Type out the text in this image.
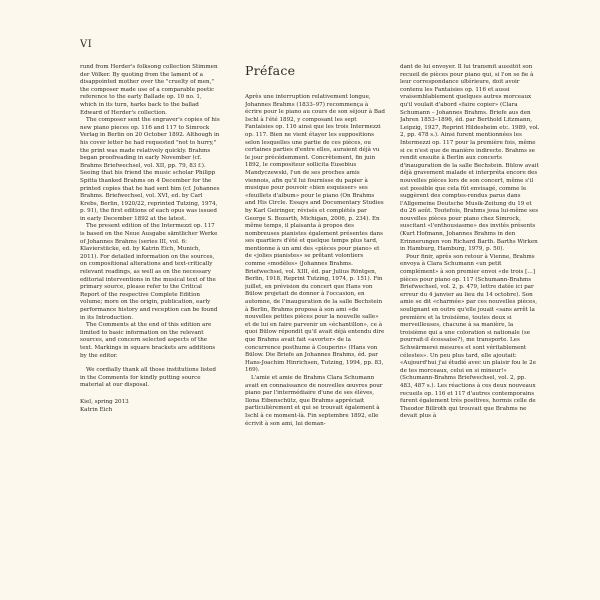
VI

rund from Herder's folksong collection Stimmen der Völker. By quoting from the lament of a disappointed mother over the "cruelty of men," the composer made use of a comparable poetic reference to the early Ballade op. 10 no. 1, which in its turn, harks back to the ballad Edward of Herder's collection.

The composer sent the engraver's copies of his new piano pieces op. 116 and 117 to Simrock Verlag in Berlin on 20 October 1892. Although in his cover letter he had requested "not to hurry," the print was made relatively quickly. Brahms began proofreading in early November (cf. Brahms Briefwechsel, vol. XII, pp. 79, 83 f.). Seeing that his friend the music scholar Philipp Spitta thanked Brahms on 4 December for the printed copies that he had sent him (cf. Johannes Brahms. Briefwechsel, vol. XVI, ed. by Carl Krebs, Berlin, 1920/22, reprinted Tutzing, 1974, p. 91), the first editions of each opus was issued in early December 1892 at the latest.

The present edition of the Intermezzi op. 117 is based on the Neue Ausgabe sämtlicher Werke of Johannes Brahms (series III, vol. 6: Klavierstücke, ed. by Katrin Eich, Munich, 2011). For detailed information on the sources, on compositional alterations and text-critically relevant readings, as well as on the necessary editorial interventions in the musical text of the primary source, please refer to the Critical Report of the respective Complete Edition volume; more on the origin, publication, early performance history and reception can be found in its Introduction.

The Comments at the end of this edition are limited to basic information on the relevant sources, and concern selected aspects of the text. Markings in square brackets are additions by the editor.

We cordially thank all those institutions listed in the Comments for kindly putting source material at our disposal.

Kiel, spring 2013
Katrin Eich
Préface

Après une interruption relativement longue, Johannes Brahms (1833–97) recommença à écrire pour le piano au cours de son séjour à Bad Ischl à l'été 1892, y composant les sept Fantaisies op. 116 ainsi que les trois Intermezzi op. 117. Bien ne vient étayer les suppositions selon lesquelles une partie de ces pièces, ou certaines parties d'entre elles, auraient déjà vu le jour précédemment. Concrètement, fin juin 1892, le compositeur sollicita Eusebius Mandyczewski, l'un de ses proches amis viennois, afin qu'il lui fournisse du papier à musique pour pouvoir «bien esquisser» ses «feuillets d'album» pour le piano (On Brahms and His Circle. Essays and Documentary Studies by Karl Geiringer, révisés et complétés par George S. Bozarth, Michigan, 2006, p. 234). En même temps, il plaisanta à propos des nombreuses pianistes également présentes dans ses quartiers d'été et quelque temps plus tard, mentionne à un ami des «pièces pour piano» et de «jolies pianistes» se prêtant volontiers comme «modèles» (Johannes Brahms. Briefwechsel, vol. XIII, éd. par Julius Röntgen, Berlin, 1918, Reprint Tutzing, 1974, p. 151). Fin juillet, en prévision du concert que Hans von Bülow projetait de donner à l'occasion, en automne, de l'inauguration de la salle Bechstein à Berlin, Brahms proposa à son ami «de nouvelles petites pièces pour la nouvelle salle» et de lui en faire parvenir un «échantillon», ce à quoi Bülow répondit qu'il avait déjà entendu dire que Brahms avait fait «avorter» de la concurrence posthume à Couperin» (Hans von Bülow. Die Briefe an Johannes Brahms, éd. par Hans-Joachim Hinrichsen, Tutzing, 1994, pp. 83, 169).

L'amie et amie de Brahms Clara Schumann avait en connaissance de nouvelles œuvres pour piano par l'intermédiaire d'une de ses élèves, Ilona Eibenschütz, que Brahms appréciait particulièrement et qui se trouvait également à Ischl à ce moment-là. Fin septembre 1892, elle écrivit à son ami, lui deman-

dant de lui envoyer. Il lui transmit aussitôt son recueil de pièces pour piano qui, si l'on se fie à leur correspondance ultérieure, doit avoir contenu les Fantaisies op. 116 et aussi vraisemblablement quelques autres morceaux qu'il voulait d'abord «faire copier» (Clara Schumann – Johannes Brahms. Briefe aus den Jahren 1853–1896, éd. par Berthold Litzmann, Leipzig, 1927, Reprint Hildesheim etc. 1989, vol. 2, pp. 478 s.). Ainsi furent mentionnées les Intermezzi op. 117 pour la première fois, même si ce n'est que de manière indirecte. Brahms se rendit ensuite à Berlin aux concerts d'inauguration de la salle Bechstein. Bülow avait déjà gravement malade et interpréta encore des nouvelles pièces lors de son concert, même s'il est possible que cela fût envisagé, comme le suggèrent des comptes-rendus parus dans l'Allgemeine Deutsche Musik-Zeitung du 19 et du 26 août. Toutefois, Brahms joua lui-même ses nouvelles pièces pour piano chez Simrock, suscitant «l'enthousiasme» des invités présents (Kurt Hofmann, Johannes Brahms in den Erinnerungen von Richard Barth. Barths Wirken in Hamburg, Hamburg, 1979, p. 50).

Pour finir, après son retour à Vienne, Brahms envoya à Clara Schumann «un petit complément» à son premier envoi «de trois […] pièces pour piano op. 117 (Schumann-Brahms Briefwechsel, vol. 2, p. 479, lettre datée ici par erreur du 4 janvier au lieu du 14 octobre). Son amie se dit «charmée» par ces nouvelles pièces, soulignant en outre qu'elle jouait «sans arrêt la première et la troisième, toutes deux si merveilleuses, chacune à sa manière, la troisième qui a une coloration si nationale (se pourrait-il écossaise?), me transporte. Les Schwärmerei mesures et sont véritablement célestes». Un peu plus tard, elle ajoutait: «Aujourd'hui j'ai étudié avec un plaisir fou le 2e de tes morceaux, celui en si mineur!» (Schumann-Brahms Briefwechsel, vol. 2, pp. 483, 487 s.). Les réactions à ces deux nouveaux recueils op. 116 et 117 d'autres contemporains furent également très positives, hormis celle de Theodor Billroth qui trouvait que Brahms ne devait plus à
